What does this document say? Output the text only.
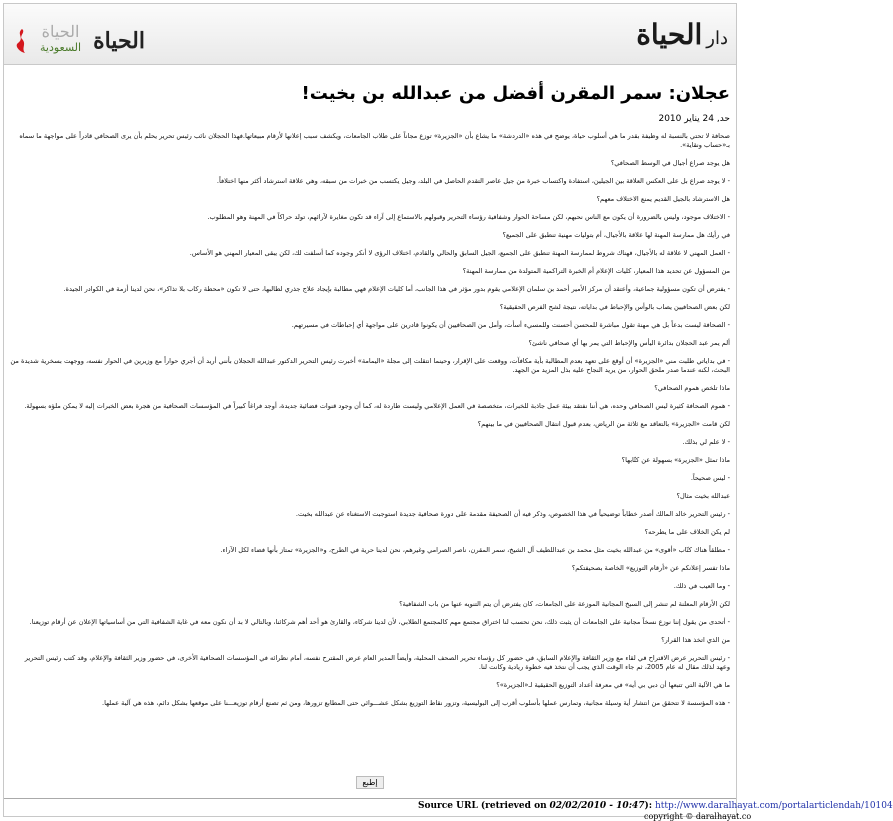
الحياة
الحياة
السعودية	دارالحياة
عجلان: سمر المقرن أفضل من عبدالله بن بخيت!
حد, 24 يناير 2010

صحافة لا تحتي بالنسبة له وظيفة بقدر ما هي أسلوب حياة، يوضح في هذه «الدردشة» ما يشاع بأن «الجزيرة» توزع مجاناً على طلاب الجامعات، ويكشف سبب إعلانها لأرقام مبيعاتها.فهذا الحجلان نائب رئيس تحرير يحلم بأن يرى الصحافي قادراً على مواجهة ما سماه بـ«حساب ونقاية».

هل يوجد صراع أجيال في الوسط الصحافي؟

- لا يوجد صراع بل على العكس العلاقة بين الجيلين، استفادة واكتساب خبرة من جيل عاصر التقدم الحاصل في البلد، وجيل يكتسب من خبرات من سبقه، وهي علاقة استرشاد أكثر منها اختلافاً.

هل الاسترشاد بالجيل القديم يمنع الاختلاف معهم؟

- الاختلاف موجود، وليس بالضرورة أن يكون مع الناس نحبهم، لكن مساحة الحوار وشفافية رؤساء التحرير وقبولهم بالاستماع إلى آراء قد تكون مغايرة لآرائهم، تولد حراكاً في المهنة وهو المطلوب.

في رأيك هل ممارسة المهنة لها علاقة بالأجيال، أم بتوليات مهنية تنطبق على الجميع؟

- العمل المهني لا علاقة له بالأجيال، فهناك شروط لممارسة المهنة تنطبق على الجميع، الجيل السابق والحالي والقادم، اختلاف الرؤى لا أنكر وجوده كما أسلفت لك، لكن يبقى المعيار المهني هو الأساس.

من المسؤول عن تحديد هذا المعيار، كليات الإعلام أم الخبرة التراكمية المتولدة من ممارسة المهنة؟

- يفترض أن تكون مسؤولية جماعية، وأعتقد أن مركز الأمير أحمد بن سلمان الإعلامي يقوم بدور مؤثر في هذا الجانب، أما كليات الإعلام فهي مطالبة بإيجاد علاج جذري لطالبها، حتى لا تكون «محطة ركاب بلا تذاكر»، نحن لدينا أزمة في الكوادر الجيدة.

لكن بعض الصحافيين يصاب بالوأس والإحباط في بداياته، نتيجة لشح الفرص الحقيقية؟

- الصحافة ليست بدعاً بل هي مهنة تقول مباشرة للمحسن أحسنت وللمسيء أسأت، وأمل من الصحافيين أن يكونوا قادرين على مواجهة أي إحباطات في مسيرتهم.

ألم يمر عبد الحجلان بدائرة اليأس والإحباط التي يمر بها أي صحافي ناشئ؟

- في بداياتي طلبت مني «الجزيرة» أن أوقع على تعهد بعدم المطالبة بأية مكافآت، ووقعت على الإقرار، وحينما انتقلت إلى مجلة «اليمامة» أخبرت رئيس التحرير الدكتور عبدالله الحجلان بأنني أريد أن أجري حواراً مع وزيرين في الحوار نفسه، ووجهت بسخرية شديدة من البحث، لكنه عندما صدر ملحق الحوار، من يريد النجاح عليه بذل المزيد من الجهد.

ماذا تلخص هموم الصحافي؟

- هموم الصحافة كثيرة ليس الصحافي وحده، هي أننا نفتقد بيئة عمل جاذبة للخبرات، متخصصة في العمل الإعلامي وليست طاردة له، كما أن وجود قنوات فضائية جديدة، أوجد فراغاً كبيراً في المؤسسات الصحافية من هجرة بعض الخبرات إليه لا يمكن ملؤه بسهولة.

لكن قامت «الجزيرة» بالتعاقد مع ثلاثة من الرياض، بعدم قبول انتقال الصحافيين في ما بينهم؟

- لا علم لي بذلك.

ماذا تمثل «الجزيرة» بسهولة عن كتّابها؟

- ليس صحيحاً.

عبدالله بخيت مثال؟

- رئيس التحرير خالد المالك أصدر خطاباً توضيحياً في هذا الخصوص، وذكر فيه أن الصحيفة مقدمة على دورة صحافية جديدة استوجبت الاستغناء عن عبدالله بخيت.

لم يكن الخلاف على ما يطرحه؟

- مطلقاً هناك كتّاب «أقوى» من عبدالله بخيت مثل محمد بن عبداللطيف آل الشيخ، سمر المقرن، ناصر الصرامي وغيرهم، نحن لدينا حرية في الطرح، و«الجزيرة» تمتاز بأنها فضاء لكل الآراء.

ماذا تفسر إعلانكم عن «أرقام التوزيع» الخاصة بصحيفتكم؟

- وما العيب في ذلك.

لكن الأرقام المعلنة لم تنشر إلى السبخ المجانية الموزعة على الجامعات، كان يفترض أن يتم التنويه عنها من باب الشفافية؟

- أتحدى من يقول إننا نوزع نسخاً مجانية على الجامعات أن يثبت ذلك، نحن نحسب لنا اختراق مجتمع مهم كالمجتمع الطلابي، لأن لدينا شركاء، والقارئ هو أحد أهم شركائنا، وبالتالي لا بد أن نكون معه في غاية الشفافية التي من أساسياتها الإعلان عن أرقام توزيعنا.

من الذي اتخذ هذا القرار؟

- رئيس التحرير عرض الاقتراح في لقاء مع وزير الثقافة والإعلام السابق، في حضور كل رؤساء تحرير الصحف المحلية، وأيضاً المدير العام عرض المقترح نفسه، أمام نظرائه في المؤسسات الصحافية الأخرى، في حضور وزير الثقافة والإعلام، وقد كتب رئيس التحرير وعهد لذلك مقال له عام 2005، ثم جاء الوقت الذي يجب أن نتخذ فيه خطوة ريادية وكانت لنا.

ما هي الآلية التي تتبعها أن دبي بي أيه» في معرفة أعداد التوزيع الحقيقية لـ«الجزيرة»؟

- هذه المؤسسة لا تتحقق من انتشار أية وسيلة مجانية، وتمارس عملها بأسلوب أقرب إلى البوليسية، وتزور نقاط التوزيع بشكل عشـــوائي حتى المطابع تزورها، ومن ثم تصنع أرقام توزيعـــنا على موقعها بشكل دائم، هذه هي آلية عملها.

إطبع
Source URL (retrieved on 02/02/2010 - 10:47): http://www.daralhayat.com/portalarticlendah/10104
copyright © daralhayat.co
